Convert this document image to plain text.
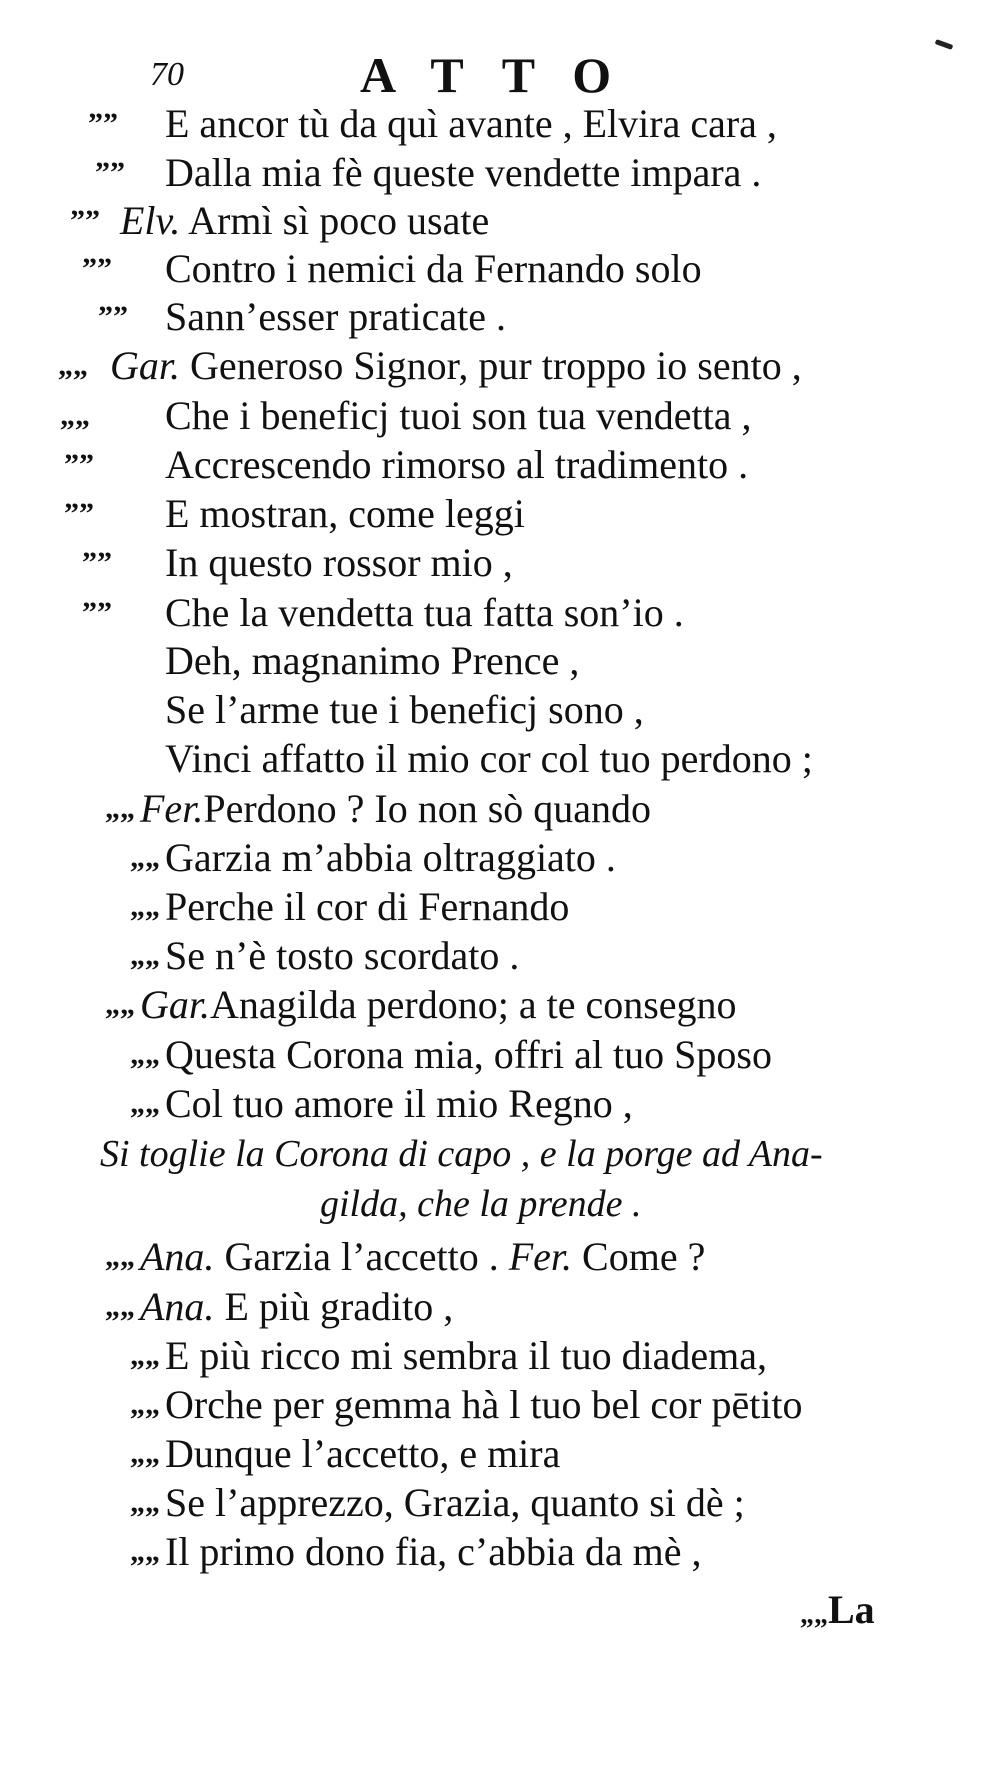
70	ATTO
”” E ancor tù da quì avante , Elvira cara ,
”” Dalla mia fè queste vendette impara .
”” Elv. Armì sì poco usate
”” Contro i nemici da Fernando solo
”” Sann’esser praticate .
„„ Gar. Generoso Signor, pur troppo io sento ,
„„ Che i beneficj tuoi son tua vendetta ,
”” Accrescendo rimorso al tradimento .
”” E mostran, come leggi
”” In questo rossor mio ,
”” Che la vendetta tua fatta son’io .
Deh, magnanimo Prence ,
Se l’arme tue i beneficj sono ,
Vinci affatto il mio cor col tuo perdono ;
„„ Fer.Perdono ? Io non sò quando
„„ Garzia m’abbia oltraggiato .
„„ Perche il cor di Fernando
„„ Se n’è tosto scordato .
„„ Gar.Anagilda perdono; a te consegno
„„ Questa Corona mia, offri al tuo Sposo
„„ Col tuo amore il mio Regno ,
Si toglie la Corona di capo , e la porge ad Ana-
gilda, che la prende .
„„ Ana. Garzia l’accetto . Fer. Come ?
„„ Ana. E più gradito ,
„„ E più ricco mi sembra il tuo diadema,
„„ Orche per gemma hà l tuo bel cor pētito
„„ Dunque l’accetto, e mira
„„ Se l’apprezzo, Grazia, quanto si dè ;
„„ Il primo dono fia, c’abbia da mè ,
„„La
